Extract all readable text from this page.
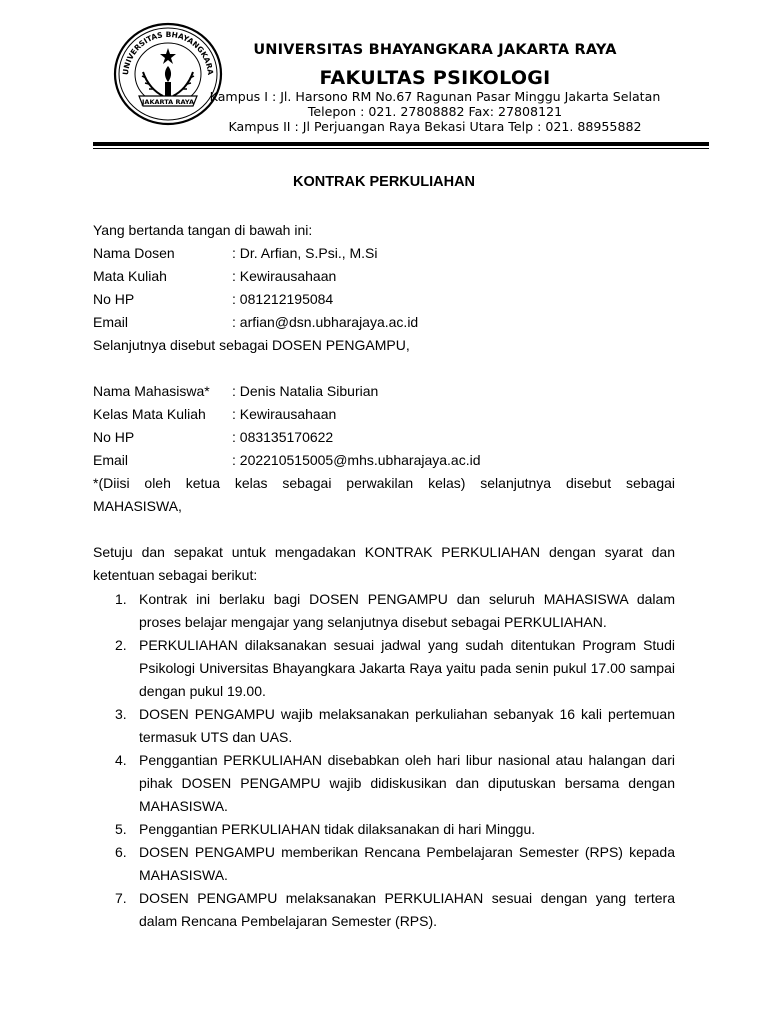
UNIVERSITAS BHAYANGKARA
JAKARTA RAYA
UNIVERSITAS BHAYANGKARA JAKARTA RAYA
FAKULTAS PSIKOLOGI
Kampus I : Jl. Harsono RM No.67 Ragunan Pasar Minggu Jakarta Selatan
Telepon : 021. 27808882 Fax: 27808121
Kampus II : Jl Perjuangan Raya Bekasi Utara Telp : 021. 88955882
KONTRAK PERKULIAHAN
Yang bertanda tangan di bawah ini:
Nama Dosen	: Dr. Arfian, S.Psi., M.Si
Mata Kuliah	: Kewirausahaan
No HP	: 081212195084
Email	: arfian@dsn.ubharajaya.ac.id
Selanjutnya disebut sebagai DOSEN PENGAMPU,
Nama Mahasiswa* : Denis Natalia Siburian
Kelas Mata Kuliah : Kewirausahaan
No HP	: 083135170622
Email	: 202210515005@mhs.ubharajaya.ac.id
*(Diisi oleh ketua kelas sebagai perwakilan kelas) selanjutnya disebut sebagai
MAHASISWA,
Setuju dan sepakat untuk mengadakan KONTRAK PERKULIAHAN dengan syarat dan
ketentuan sebagai berikut:
1. Kontrak ini berlaku bagi DOSEN PENGAMPU dan seluruh MAHASISWA dalam proses belajar mengajar yang selanjutnya disebut sebagai PERKULIAHAN.
2. PERKULIAHAN dilaksanakan sesuai jadwal yang sudah ditentukan Program Studi Psikologi Universitas Bhayangkara Jakarta Raya yaitu pada senin pukul 17.00 sampai dengan pukul 19.00.
3. DOSEN PENGAMPU wajib melaksanakan perkuliahan sebanyak 16 kali pertemuan termasuk UTS dan UAS.
4. Penggantian PERKULIAHAN disebabkan oleh hari libur nasional atau halangan dari pihak DOSEN PENGAMPU wajib didiskusikan dan diputuskan bersama dengan MAHASISWA.
5. Penggantian PERKULIAHAN tidak dilaksanakan di hari Minggu.
6. DOSEN PENGAMPU memberikan Rencana Pembelajaran Semester (RPS) kepada MAHASISWA.
7. DOSEN PENGAMPU melaksanakan PERKULIAHAN sesuai dengan yang tertera dalam Rencana Pembelajaran Semester (RPS).
